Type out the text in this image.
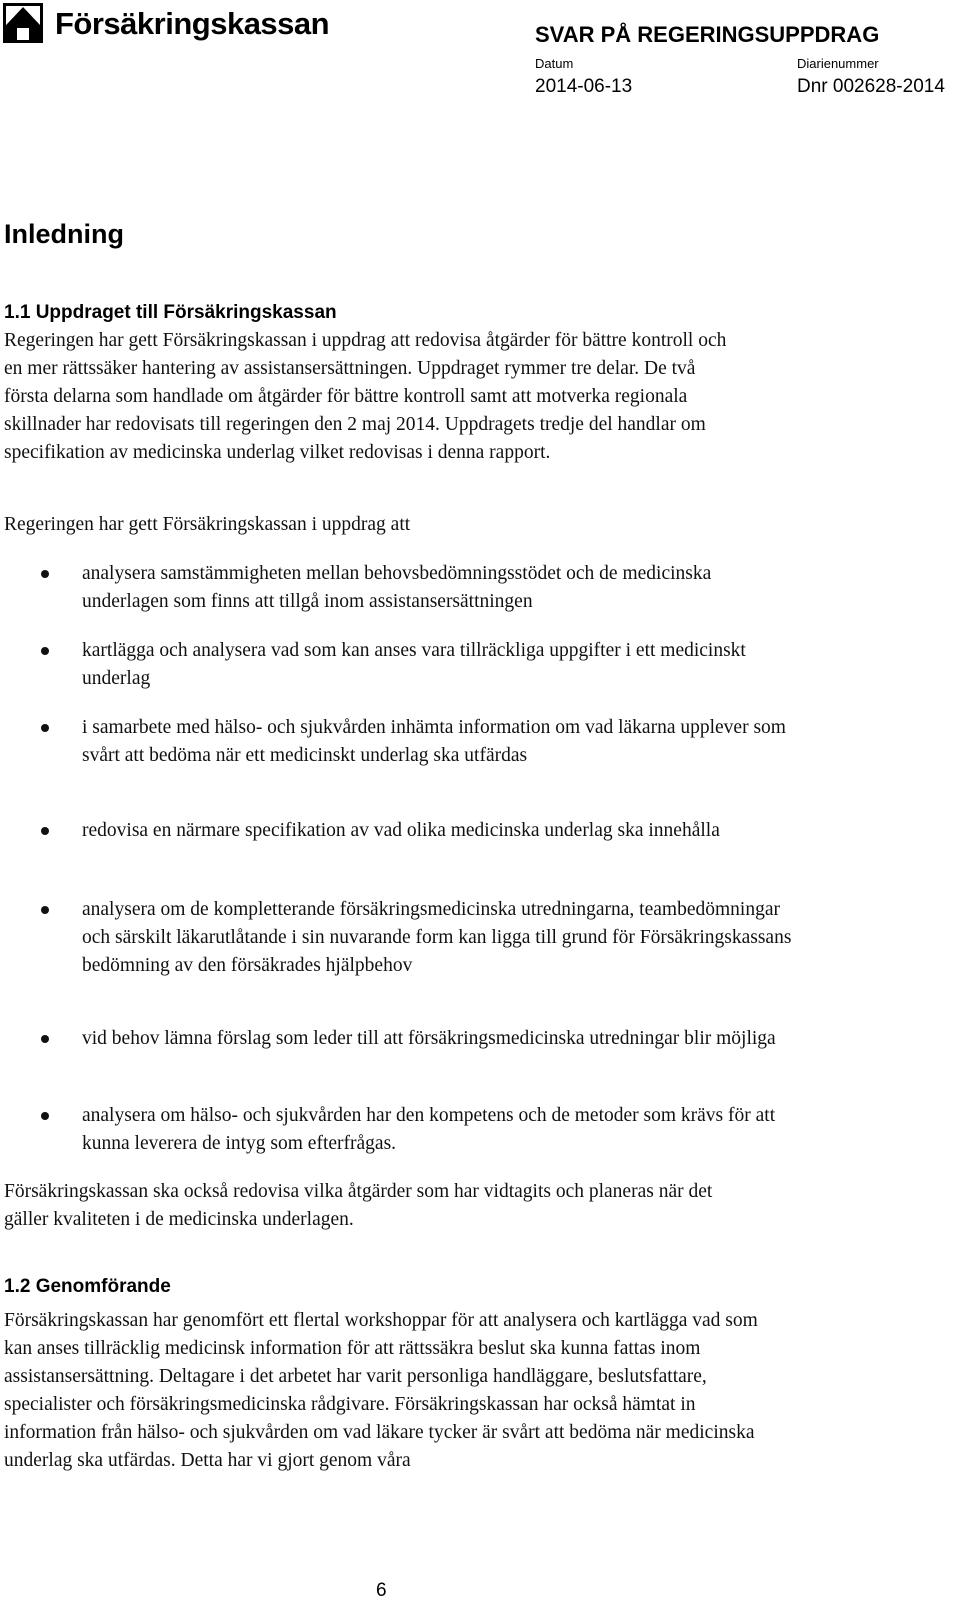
Försäkringskassan	SVAR PÅ REGERINGSUPPDRAG
Datum
2014-06-13
Diarienummer
Dnr 002628-2014
Inledning
1.1 Uppdraget till Försäkringskassan

Regeringen har gett Försäkringskassan i uppdrag att redovisa åtgärder för bättre kontroll och en mer rättssäker hantering av assistansersättningen. Uppdraget rymmer tre delar. De två första delarna som handlade om åtgärder för bättre kontroll samt att motverka regionala skillnader har redovisats till regeringen den 2 maj 2014. Uppdragets tredje del handlar om specifikation av medicinska underlag vilket redovisas i denna rapport.

Regeringen har gett Försäkringskassan i uppdrag att

analysera samstämmigheten mellan behovsbedömningsstödet och de medicinska underlagen som finns att tillgå inom assistansersättningen
kartlägga och analysera vad som kan anses vara tillräckliga uppgifter i ett medicinskt underlag
i samarbete med hälso- och sjukvården inhämta information om vad läkarna upplever som svårt att bedöma när ett medicinskt underlag ska utfärdas
redovisa en närmare specifikation av vad olika medicinska underlag ska innehålla
analysera om de kompletterande försäkringsmedicinska utredningarna, teambedömningar och särskilt läkarutlåtande i sin nuvarande form kan ligga till grund för Försäkringskassans bedömning av den försäkrades hjälpbehov
vid behov lämna förslag som leder till att försäkringsmedicinska utredningar blir möjliga
analysera om hälso- och sjukvården har den kompetens och de metoder som krävs för att kunna leverera de intyg som efterfrågas.

Försäkringskassan ska också redovisa vilka åtgärder som har vidtagits och planeras när det gäller kvaliteten i de medicinska underlagen.

1.2 Genomförande

Försäkringskassan har genomfört ett flertal workshoppar för att analysera och kartlägga vad som kan anses tillräcklig medicinsk information för att rättssäkra beslut ska kunna fattas inom assistansersättning. Deltagare i det arbetet har varit personliga handläggare, beslutsfattare, specialister och försäkringsmedicinska rådgivare. Försäkringskassan har också hämtat in information från hälso- och sjukvården om vad läkare tycker är svårt att bedöma när medicinska underlag ska utfärdas. Detta har vi gjort genom våra

6
